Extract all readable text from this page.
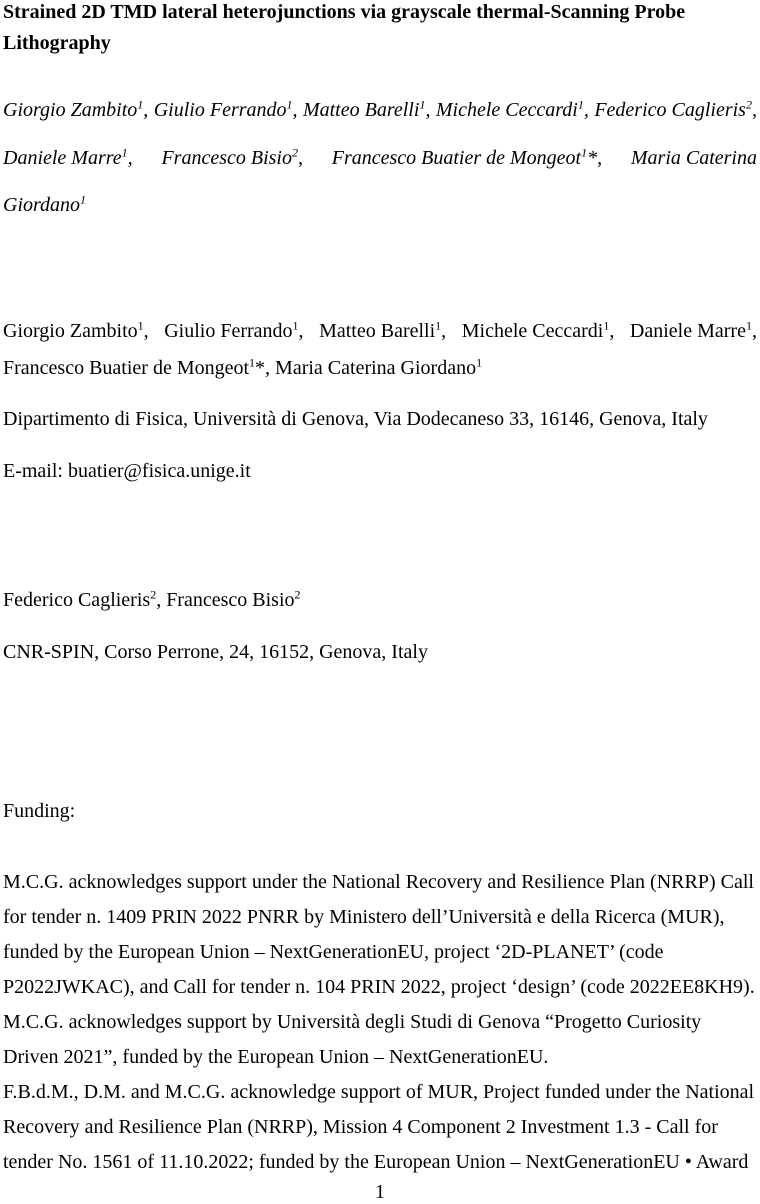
Strained 2D TMD lateral heterojunctions via grayscale thermal-Scanning Probe
Lithography
Giorgio Zambito$^1$, Giulio Ferrando$^1$, Matteo Barelli$^1$, Michele Ceccardi$^1$, Federico Caglieris$^2$,
Daniele Marre$^1$, Francesco Bisio$^2$, Francesco Buatier de Mongeot$^1$*, Maria Caterina
Giordano$^1$
Giorgio Zambito$^1$, Giulio Ferrando$^1$, Matteo Barelli$^1$, Michele Ceccardi$^1$, Daniele Marre$^1$,
Francesco Buatier de Mongeot$^1$*, Maria Caterina Giordano$^1$
Dipartimento di Fisica, Università di Genova, Via Dodecaneso 33, 16146, Genova, Italy
E-mail: buatier@fisica.unige.it
Federico Caglieris$^2$, Francesco Bisio$^2$
CNR-SPIN, Corso Perrone, 24, 16152, Genova, Italy
Funding:
M.C.G. acknowledges support under the National Recovery and Resilience Plan (NRRP) Call
for tender n. 1409 PRIN 2022 PNRR by Ministero dell’Università e della Ricerca (MUR),
funded by the European Union – NextGenerationEU, project ‘2D-PLANET’ (code
P2022JWKAC), and Call for tender n. 104 PRIN 2022, project ‘design’ (code 2022EE8KH9).
M.C.G. acknowledges support by Università degli Studi di Genova “Progetto Curiosity
Driven 2021”, funded by the European Union – NextGenerationEU.
F.B.d.M., D.M. and M.C.G. acknowledge support of MUR, Project funded under the National
Recovery and Resilience Plan (NRRP), Mission 4 Component 2 Investment 1.3 - Call for
tender No. 1561 of 11.10.2022; funded by the European Union – NextGenerationEU • Award
1
